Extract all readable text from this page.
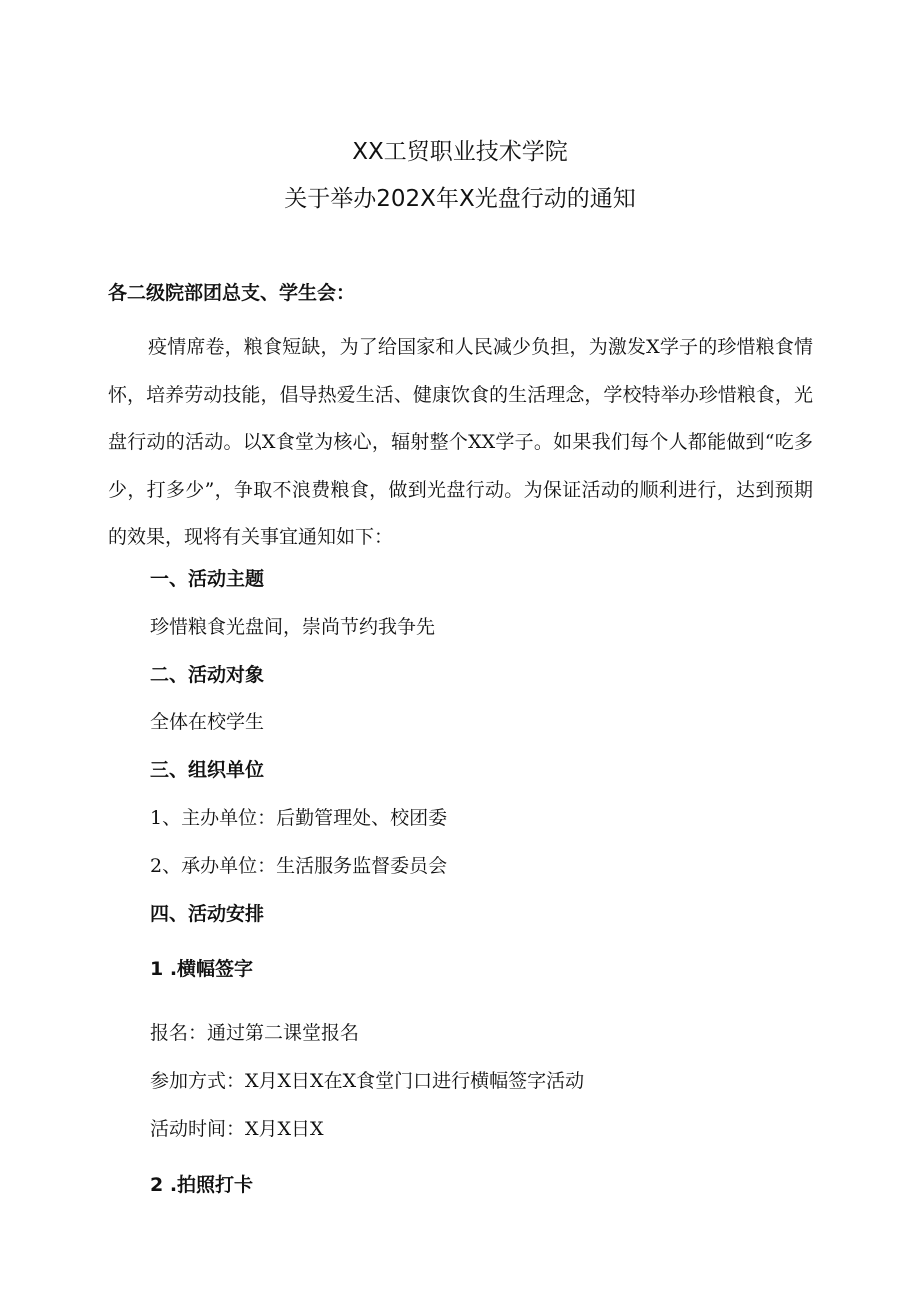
XX工贸职业技术学院
关于举办202X年X光盘行动的通知
各二级院部团总支、学生会：
疫情席卷，粮食短缺，为了给国家和人民减少负担，为激发X学子的珍惜粮食情怀，培养劳动技能，倡导热爱生活、健康饮食的生活理念，学校特举办珍惜粮食，光盘行动的活动。以X食堂为核心，辐射整个XX学子。如果我们每个人都能做到“吃多少，打多少”，争取不浪费粮食，做到光盘行动。为保证活动的顺利进行，达到预期的效果，现将有关事宜通知如下：
一、活动主题
珍惜粮食光盘间，崇尚节约我争先
二、活动对象
全体在校学生
三、组织单位
1、主办单位：后勤管理处、校团委
2、承办单位：生活服务监督委员会
四、活动安排
1 .横幅签字
报名：通过第二课堂报名
参加方式：X月X日X在X食堂门口进行横幅签字活动
活动时间：X月X日X
2 .拍照打卡
